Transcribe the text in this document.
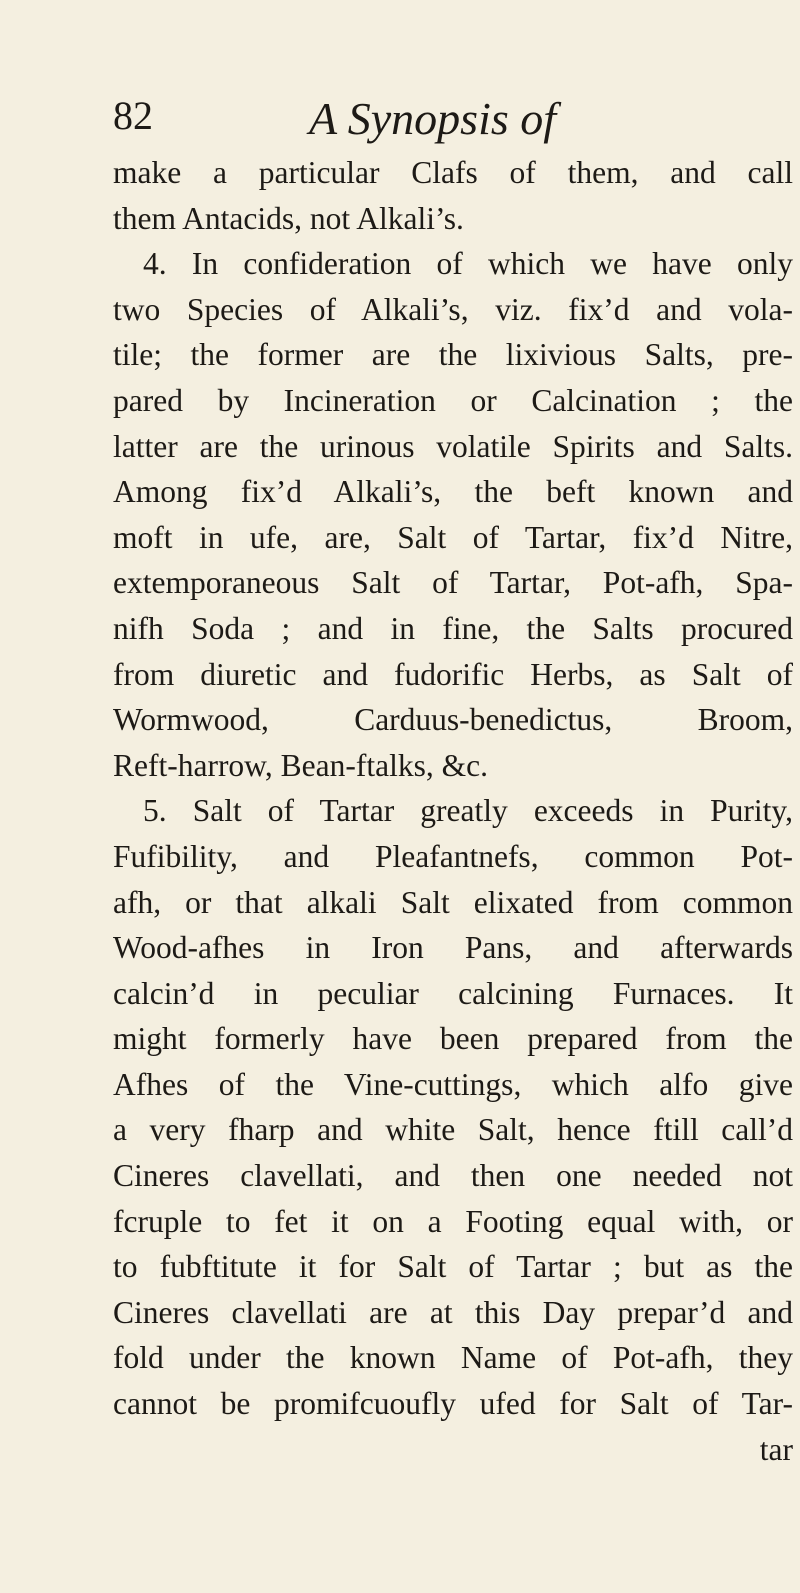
82	A Synopsis of
make a particular Clafs of them, and call
them Antacids, not Alkali’s.
4. In confideration of which we have only
two Species of Alkali’s, viz. fix’d and vola-
tile; the former are the lixivious Salts, pre-
pared by Incineration or Calcination ; the
latter are the urinous volatile Spirits and Salts.
Among fix’d Alkali’s, the beft known and
moft in ufe, are, Salt of Tartar, fix’d Nitre,
extemporaneous Salt of Tartar, Pot-afh, Spa-
nifh Soda ; and in fine, the Salts procured
from diuretic and fudorific Herbs, as Salt of
Wormwood, Carduus-benedictus, Broom,
Reft-harrow, Bean-ftalks, &c.
5. Salt of Tartar greatly exceeds in Purity,
Fufibility, and Pleafantnefs, common Pot-
afh, or that alkali Salt elixated from common
Wood-afhes in Iron Pans, and afterwards
calcin’d in peculiar calcining Furnaces. It
might formerly have been prepared from the
Afhes of the Vine-cuttings, which alfo give
a very fharp and white Salt, hence ftill call’d
Cineres clavellati, and then one needed not
fcruple to fet it on a Footing equal with, or
to fubftitute it for Salt of Tartar ; but as the
Cineres clavellati are at this Day prepar’d and
fold under the known Name of Pot-afh, they
cannot be promifcuoufly ufed for Salt of Tar-
tar
